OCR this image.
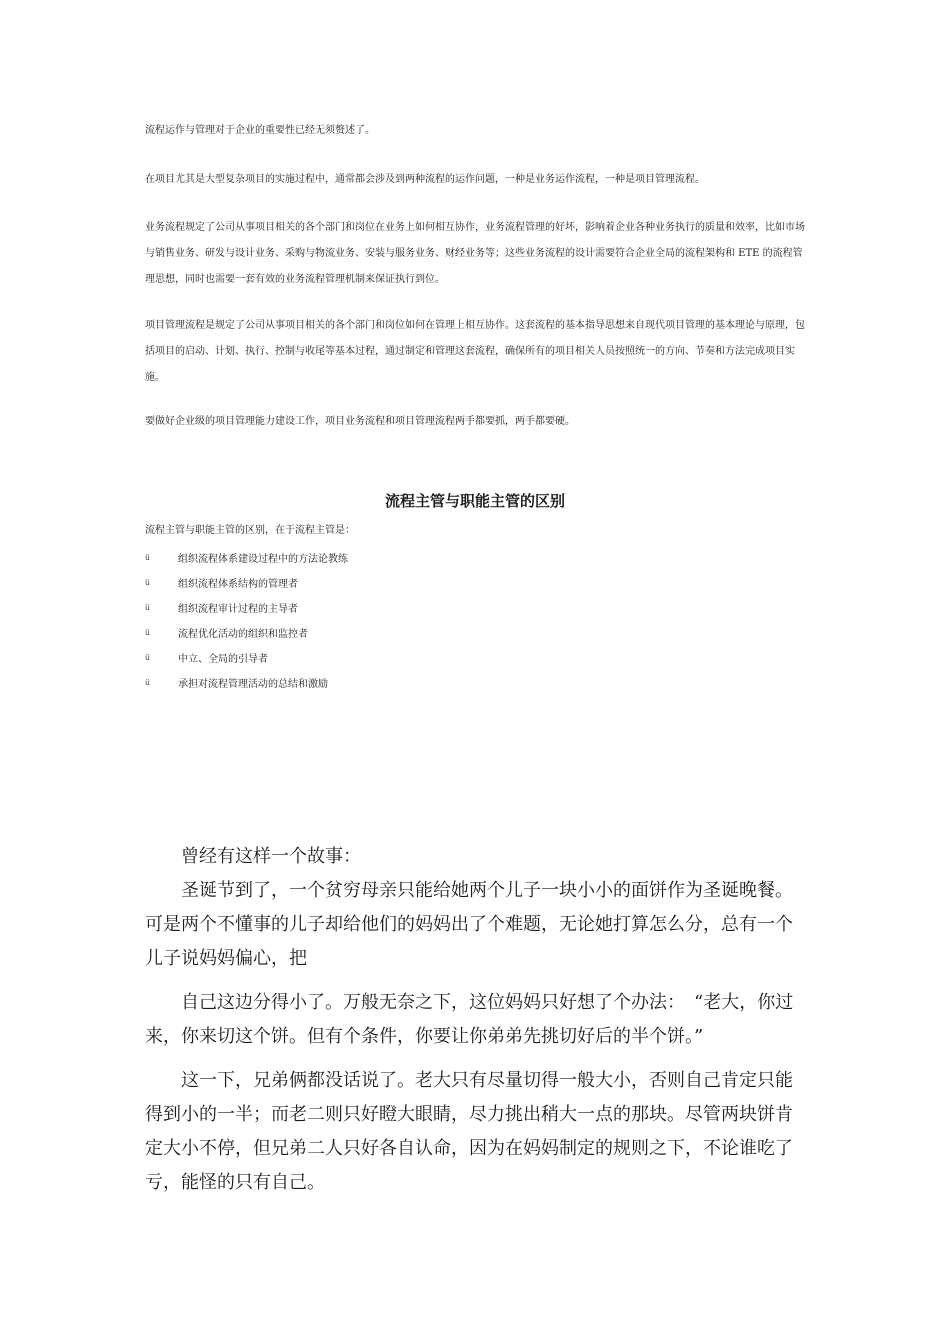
流程运作与管理对于企业的重要性已经无须赘述了。

在项目尤其是大型复杂项目的实施过程中，通常都会涉及到两种流程的运作问题，一种是业务运作流程，一种是项目管理流程。

业务流程规定了公司从事项目相关的各个部门和岗位在业务上如何相互协作，业务流程管理的好坏，影响着企业各种业务执行的质量和效率，比如市场与销售业务、研发与设计业务、采购与物流业务、安装与服务业务、财经业务等；这些业务流程的设计需要符合企业全局的流程架构和 ETE 的流程管理思想，同时也需要一套有效的业务流程管理机制来保证执行到位。

项目管理流程是规定了公司从事项目相关的各个部门和岗位如何在管理上相互协作。这套流程的基本指导思想来自现代项目管理的基本理论与原理，包括项目的启动、计划、执行、控制与收尾等基本过程，通过制定和管理这套流程，确保所有的项目相关人员按照统一的方向、节奏和方法完成项目实施。

要做好企业级的项目管理能力建设工作，项目业务流程和项目管理流程两手都要抓，两手都要硬。

流程主管与职能主管的区别

流程主管与职能主管的区别，在于流程主管是：

ü	组织流程体系建设过程中的方法论教练
ü	组织流程体系结构的管理者
ü	组织流程审计过程的主导者
ü	流程优化活动的组织和监控者
ü	中立、全局的引导者
ü	承担对流程管理活动的总结和激励

曾经有这样一个故事：

圣诞节到了，一个贫穷母亲只能给她两个儿子一块小小的面饼作为圣诞晚餐。可是两个不懂事的儿子却给他们的妈妈出了个难题，无论她打算怎么分，总有一个儿子说妈妈偏心，把

自己这边分得小了。万般无奈之下，这位妈妈只好想了个办法：　“老大，你过来，你来切这个饼。但有个条件，你要让你弟弟先挑切好后的半个饼。”

这一下，兄弟俩都没话说了。老大只有尽量切得一般大小，否则自己肯定只能得到小的一半；而老二则只好瞪大眼睛，尽力挑出稍大一点的那块。尽管两块饼肯定大小不停，但兄弟二人只好各自认命，因为在妈妈制定的规则之下，不论谁吃了亏，能怪的只有自己。
